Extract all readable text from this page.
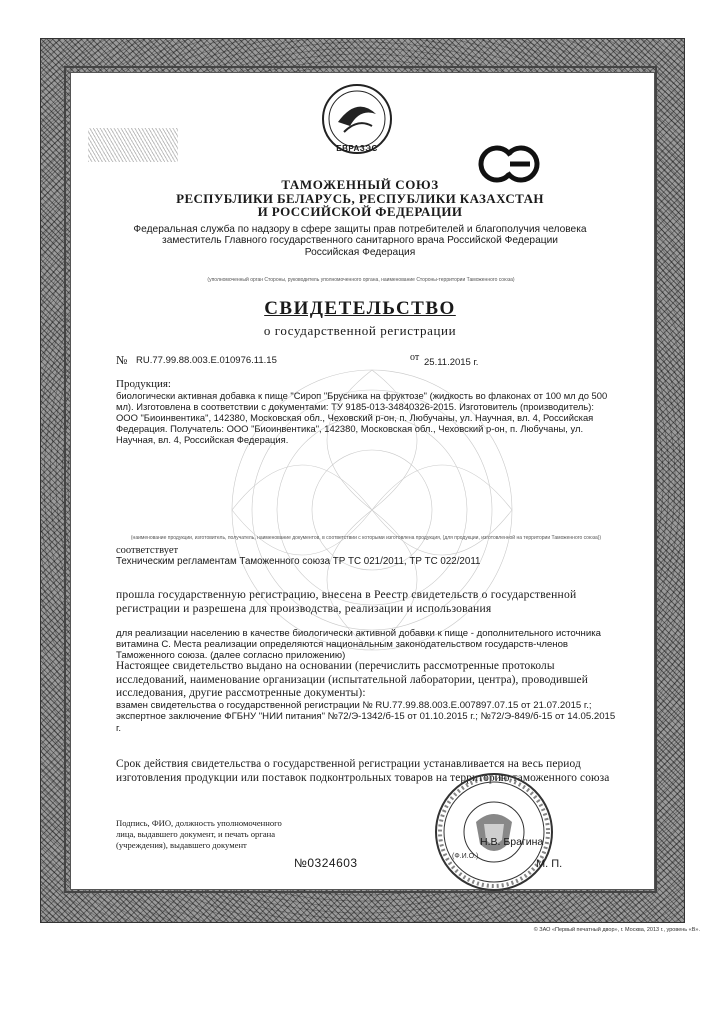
ЕВРАЗЭС
ТАМОЖЕННЫЙ СОЮЗ
РЕСПУБЛИКИ БЕЛАРУСЬ, РЕСПУБЛИКИ КАЗАХСТАН
И РОССИЙСКОЙ ФЕДЕРАЦИИ
Федеральная служба по надзору в сфере защиты прав потребителей и благополучия человека
заместитель Главного государственного санитарного врача Российской Федерации
Российская Федерация
(уполномоченный орган Стороны, руководитель уполномоченного органа, наименование Стороны-территории Таможенного союза)
СВИДЕТЕЛЬСТВО
о государственной регистрации
№ RU.77.99.88.003.Е.010976.11.15	от 25.11.2015 г.
Продукция:
биологически активная добавка к пище "Сироп "Брусника на фруктозе" (жидкость во флаконах от 100 мл до 500 мл). Изготовлена в соответствии с документами: ТУ 9185-013-34840326-2015. Изготовитель (производитель): ООО "Биоинвентика", 142380, Московская обл., Чеховский р-он, п. Любучаны, ул. Научная, вл. 4, Российская Федерация. Получатель: ООО "Биоинвентика", 142380, Московская обл., Чеховский р-он, п. Любучаны, ул. Научная, вл. 4, Российская Федерация.
(наименование продукции, изготовитель, получатель, наименование документов, в соответствии с которыми изготовлена продукция, (для продукции, изготовленной на территории Таможенного союза))
соответствует
Техническим регламентам Таможенного союза ТР ТС 021/2011, ТР ТС 022/2011
прошла государственную регистрацию, внесена в Реестр свидетельств о государственной регистрации и разрешена для производства, реализации и использования
для реализации населению в качестве биологически активной добавки к пище - дополнительного источника витамина С. Места реализации определяются национальным законодательством государств-членов Таможенного союза. (далее согласно приложению)
Настоящее свидетельство выдано на основании (перечислить рассмотренные протоколы исследований, наименование организации (испытательной лаборатории, центра), проводившей исследования, другие рассмотренные документы):
взамен свидетельства о государственной регистрации № RU.77.99.88.003.Е.007897.07.15 от 21.07.2015 г.; экспертное заключение ФГБНУ "НИИ питания" №72/Э-1342/б-15 от 01.10.2015 г.; №72/Э-849/б-15 от 14.05.2015 г.
Срок действия свидетельства о государственной регистрации устанавливается на весь период изготовления продукции или поставок подконтрольных товаров на территорию таможенного союза
Подпись, ФИО, должность уполномоченного лица, выдавшего документ, и печать органа (учреждения), выдавшего документ	Н.В. Брагина
(Ф.И.О.)
№0324603	М. П.
© ЗАО «Первый печатный двор», г. Москва, 2013 г., уровень «В».
